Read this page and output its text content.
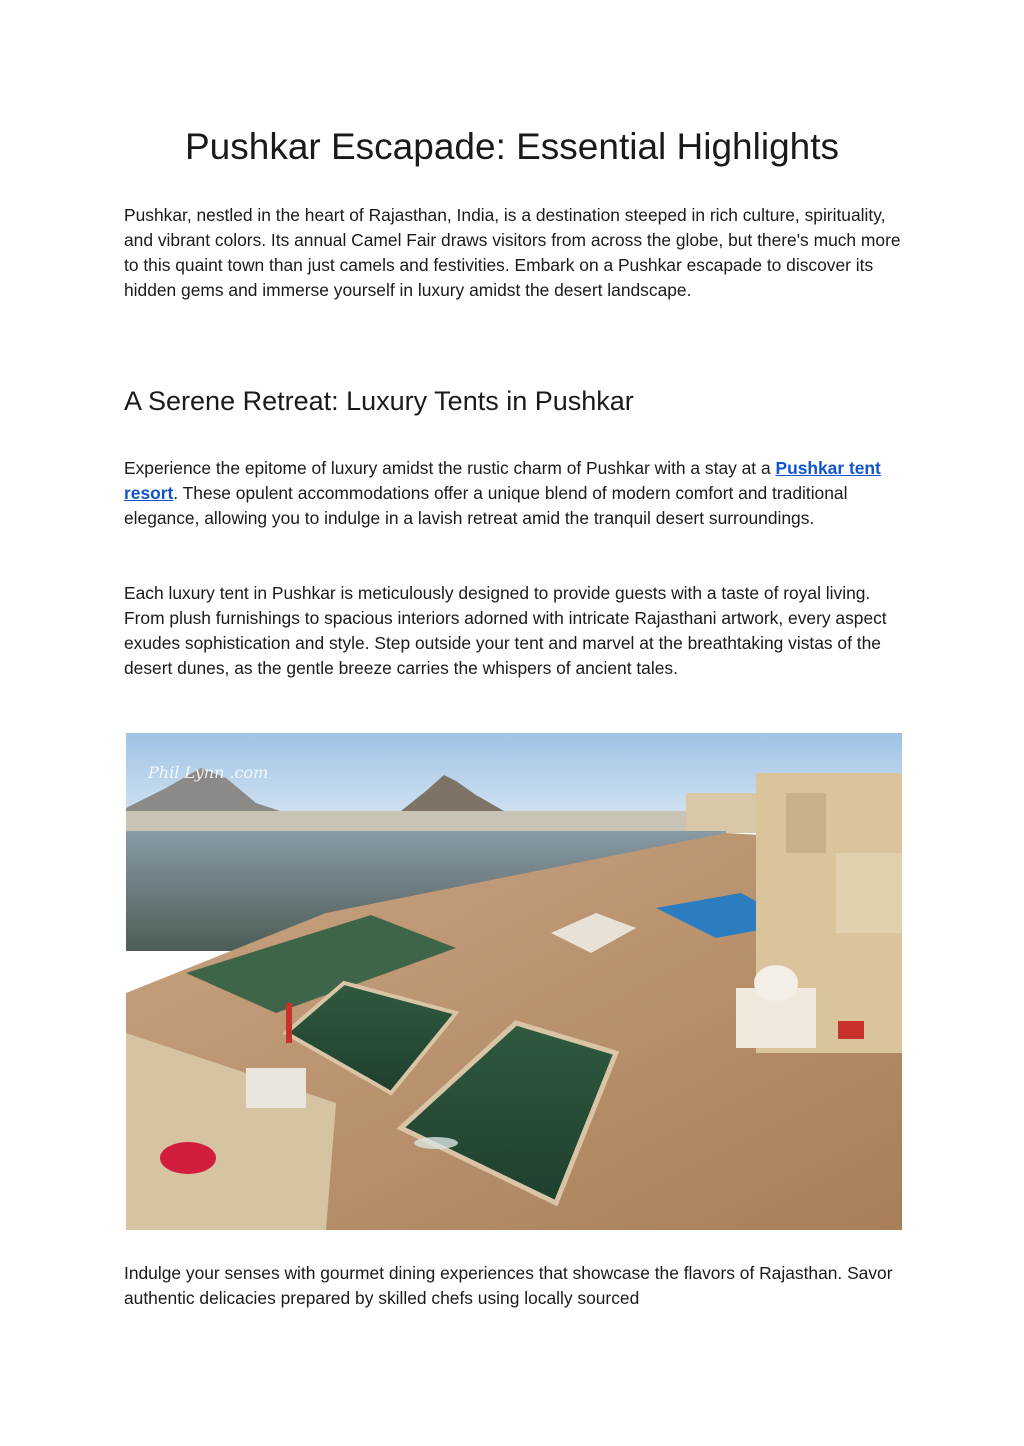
Pushkar Escapade: Essential Highlights

Pushkar, nestled in the heart of Rajasthan, India, is a destination steeped in rich culture, spirituality, and vibrant colors. Its annual Camel Fair draws visitors from across the globe, but there's much more to this quaint town than just camels and festivities. Embark on a Pushkar escapade to discover its hidden gems and immerse yourself in luxury amidst the desert landscape.

A Serene Retreat: Luxury Tents in Pushkar

Experience the epitome of luxury amidst the rustic charm of Pushkar with a stay at a Pushkar tent resort. These opulent accommodations offer a unique blend of modern comfort and traditional elegance, allowing you to indulge in a lavish retreat amid the tranquil desert surroundings.

Each luxury tent in Pushkar is meticulously designed to provide guests with a taste of royal living. From plush furnishings to spacious interiors adorned with intricate Rajasthani artwork, every aspect exudes sophistication and style. Step outside your tent and marvel at the breathtaking vistas of the desert dunes, as the gentle breeze carries the whispers of ancient tales.

Phil Lynn .com

Indulge your senses with gourmet dining experiences that showcase the flavors of Rajasthan. Savor authentic delicacies prepared by skilled chefs using locally sourced
